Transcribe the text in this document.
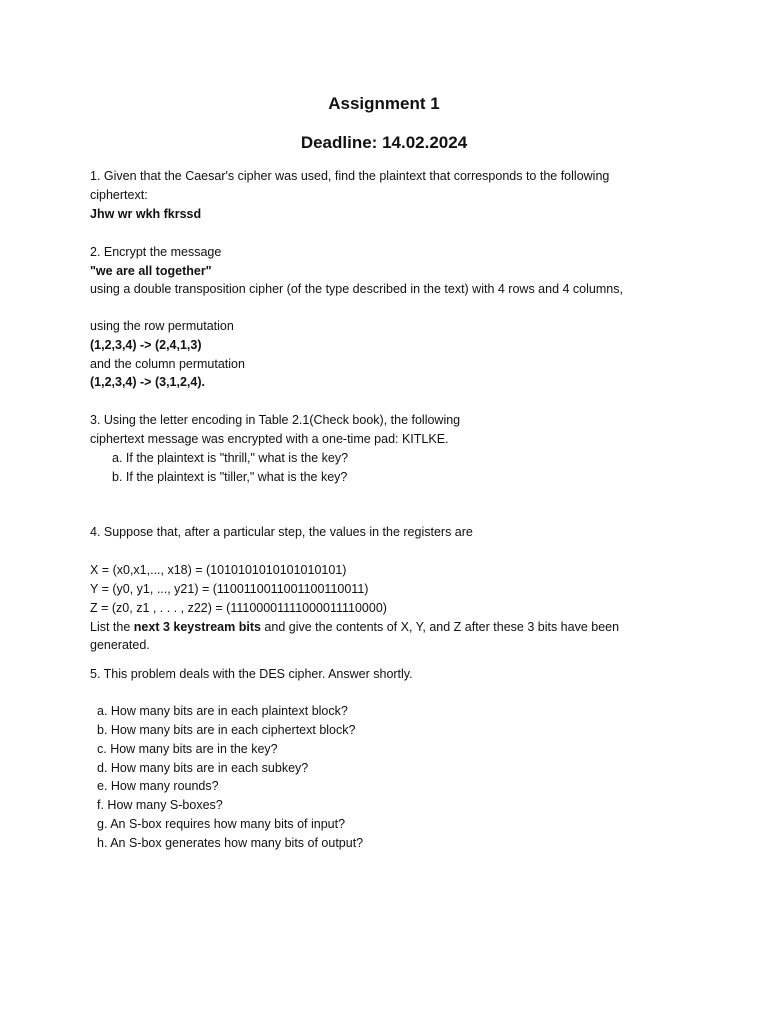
Assignment 1
Deadline: 14.02.2024
1. Given that the Caesar's cipher was used, find the plaintext that corresponds to the following
ciphertext:
Jhw wr wkh fkrssd
2. Encrypt the message
"we are all together"
using a double transposition cipher (of the type described in the text) with 4 rows and 4 columns,
using the row permutation
(1,2,3,4) -> (2,4,1,3)
and the column permutation
(1,2,3,4) -> (3,1,2,4).
3. Using the letter encoding in Table 2.1(Check book), the following
ciphertext message was encrypted with a one-time pad: KITLKE.
a. If the plaintext is "thrill," what is the key?
b. If the plaintext is "tiller," what is the key?
4. Suppose that, after a particular step, the values in the registers are
X = (x0,x1,..., x18) = (1010101010101010101)
Y = (y0, y1, ..., y21) = (1100110011001100110011)
Z = (z0, z1 , . . . , z22) = (11100001111000011110000)
List the next 3 keystream bits and give the contents of X, Y, and Z after these 3 bits have been
generated.
5. This problem deals with the DES cipher. Answer shortly.
a. How many bits are in each plaintext block?
b. How many bits are in each ciphertext block?
c. How many bits are in the key?
d. How many bits are in each subkey?
e. How many rounds?
f. How many S-boxes?
g. An S-box requires how many bits of input?
h. An S-box generates how many bits of output?
